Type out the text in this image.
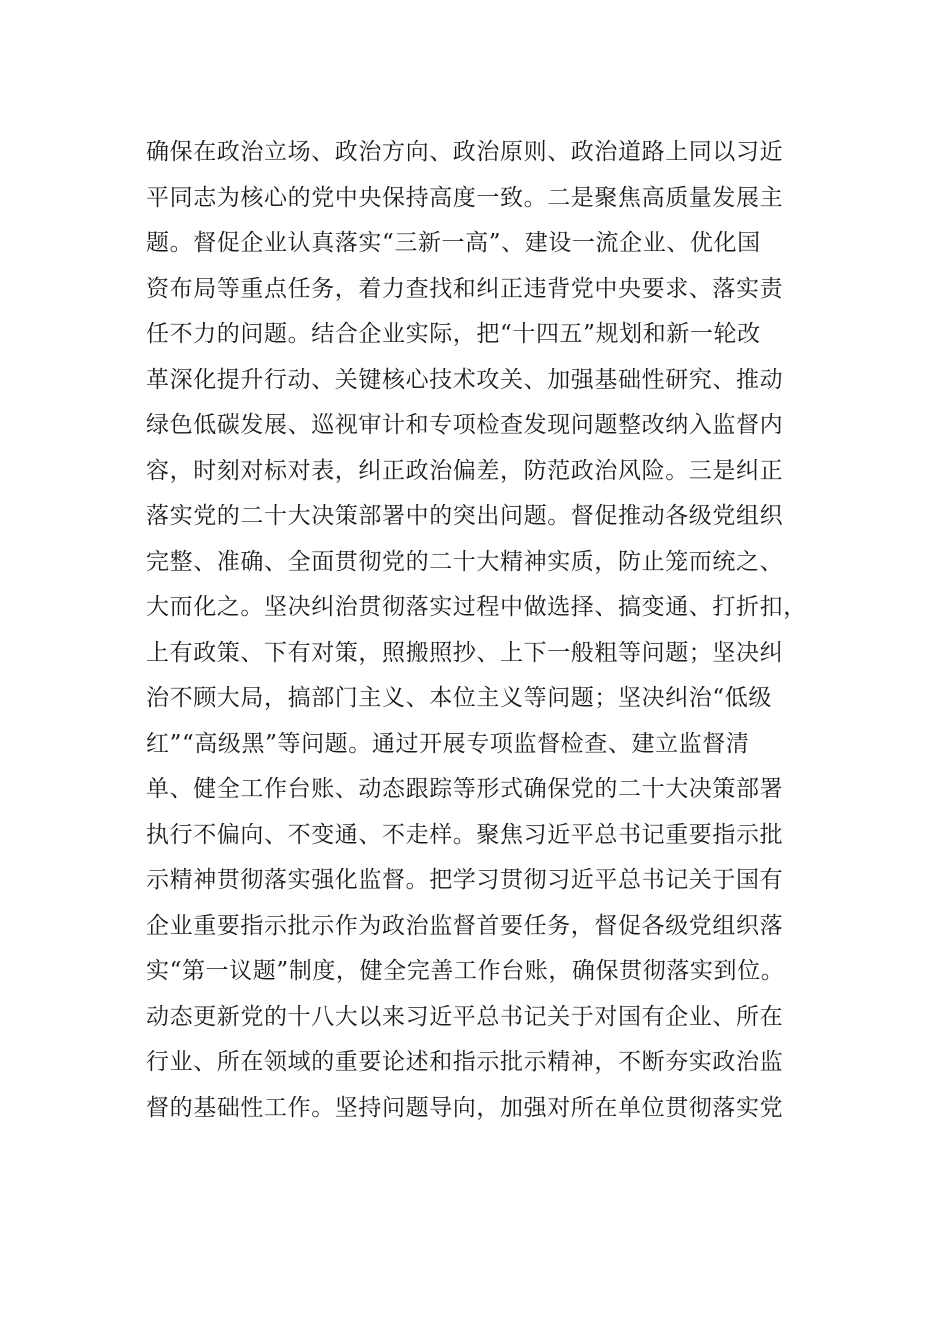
确保在政治立场、政治方向、政治原则、政治道路上同以习近
平同志为核心的党中央保持高度一致。二是聚焦高质量发展主
题。督促企业认真落实“三新一高”、建设一流企业、优化国
资布局等重点任务，着力查找和纠正违背党中央要求、落实责
任不力的问题。结合企业实际，把“十四五”规划和新一轮改
革深化提升行动、关键核心技术攻关、加强基础性研究、推动
绿色低碳发展、巡视审计和专项检查发现问题整改纳入监督内
容，时刻对标对表，纠正政治偏差，防范政治风险。三是纠正
落实党的二十大决策部署中的突出问题。督促推动各级党组织
完整、准确、全面贯彻党的二十大精神实质，防止笼而统之、
大而化之。坚决纠治贯彻落实过程中做选择、搞变通、打折扣，
上有政策、下有对策，照搬照抄、上下一般粗等问题；坚决纠
治不顾大局，搞部门主义、本位主义等问题；坚决纠治“低级
红”“高级黑”等问题。通过开展专项监督检查、建立监督清
单、健全工作台账、动态跟踪等形式确保党的二十大决策部署
执行不偏向、不变通、不走样。聚焦习近平总书记重要指示批
示精神贯彻落实强化监督。把学习贯彻习近平总书记关于国有
企业重要指示批示作为政治监督首要任务，督促各级党组织落
实“第一议题”制度，健全完善工作台账，确保贯彻落实到位。
动态更新党的十八大以来习近平总书记关于对国有企业、所在
行业、所在领域的重要论述和指示批示精神，不断夯实政治监
督的基础性工作。坚持问题导向，加强对所在单位贯彻落实党
